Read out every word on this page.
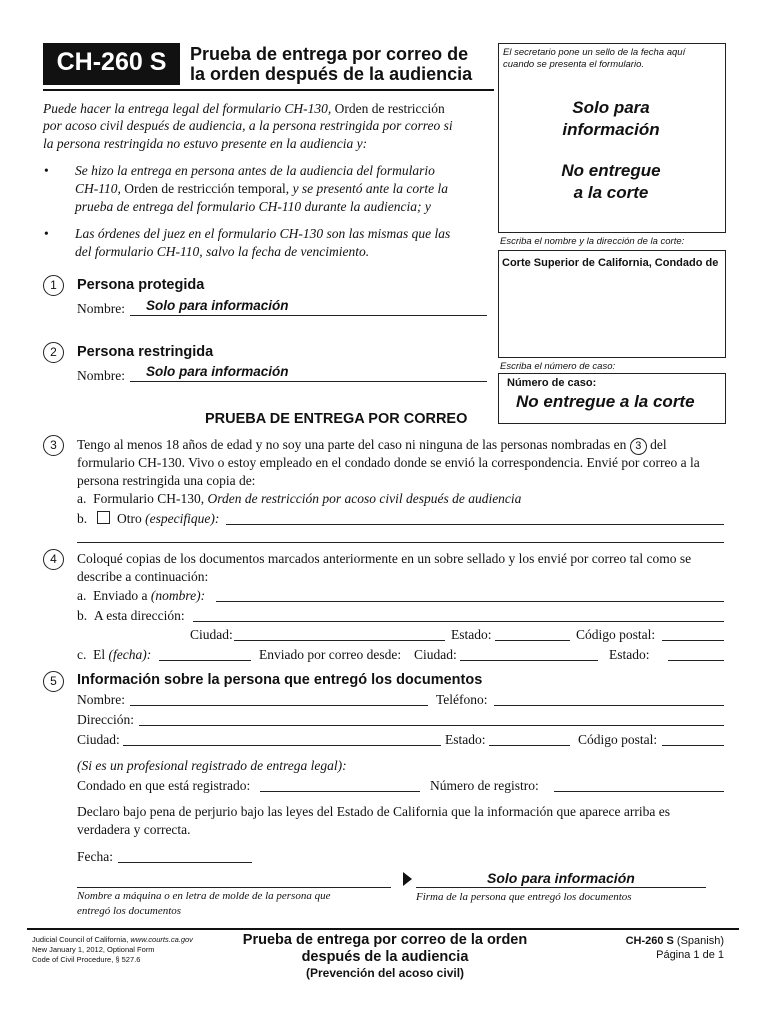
CH-260 S	Prueba de entrega por correo de
la orden después de la audiencia
El secretario pone un sello de la fecha aquí
cuando se presenta el formulario.
Solo para
información
No entregue
a la corte
Escriba el nombre y la dirección de la corte:
Corte Superior de California, Condado de
Escriba el número de caso:
Número de caso:
No entregue a la corte
Puede hacer la entrega legal del formulario CH-130, Orden de restricción
por acoso civil después de audiencia, a la persona restringida por correo si
la persona restringida no estuvo presente en la audiencia y:
• Se hizo la entrega en persona antes de la audiencia del formulario
CH-110, Orden de restricción temporal, y se presentó ante la corte la
prueba de entrega del formulario CH-110 durante la audiencia; y
• Las órdenes del juez en el formulario CH-130 son las mismas que las
del formulario CH-110, salvo la fecha de vencimiento.
1	Persona protegida
Nombre: Solo para información
2	Persona restringida
Nombre: Solo para información
PRUEBA DE ENTREGA POR CORREO
3	Tengo al menos 18 años de edad y no soy una parte del caso ni ninguna de las personas nombradas en 3 del
formulario CH-130. Vivo o estoy empleado en el condado donde se envió la correspondencia. Envié por correo a la
persona restringida una copia de:
a. Formulario CH-130, Orden de restricción por acoso civil después de audiencia
b. Otro (especifique):
4	Coloqué copias de los documentos marcados anteriormente en un sobre sellado y los envié por correo tal como se
describe a continuación:
a. Enviado a (nombre):
b. A esta dirección:
Ciudad:	Estado:	Código postal:
c. El (fecha):	Enviado por correo desde: Ciudad:	Estado:
5	Información sobre la persona que entregó los documentos
Nombre:	Teléfono:
Dirección:
Ciudad:	Estado:	Código postal:
(Si es un profesional registrado de entrega legal):
Condado en que está registrado:	Número de registro:
Declaro bajo pena de perjurio bajo las leyes del Estado de California que la información que aparece arriba es
verdadera y correcta.
Fecha:
Solo para información
Nombre a máquina o en letra de molde de la persona que
entregó los documentos
Firma de la persona que entregó los documentos
Judicial Council of California, www.courts.ca.gov
New January 1, 2012, Optional Form
Code of Civil Procedure, § 527.6
Prueba de entrega por correo de la orden
después de la audiencia
(Prevención del acoso civil)
CH-260 S (Spanish)
Página 1 de 1
